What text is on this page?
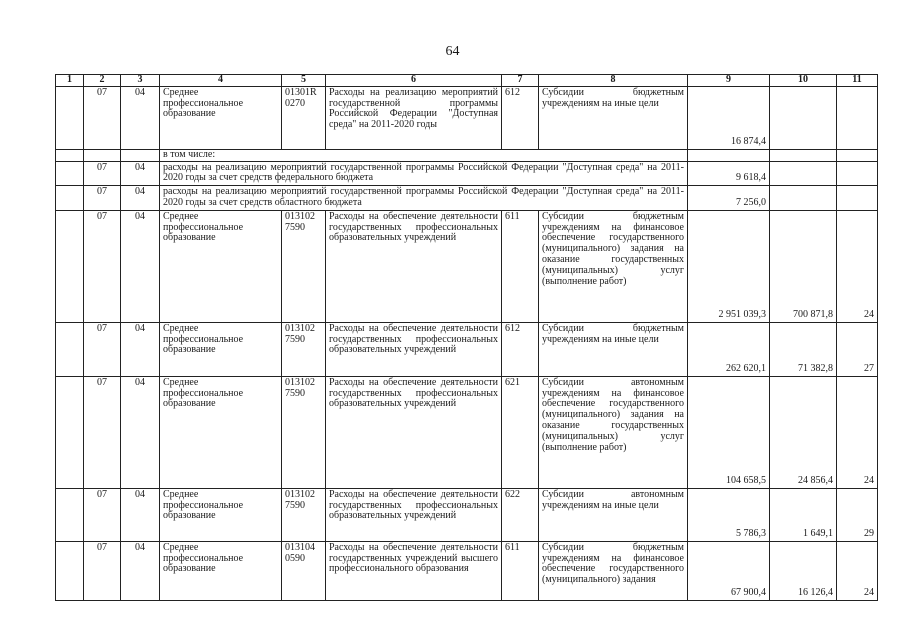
64
1	2	3	4	5	6	7	8	9	10	11
	07	04	Среднее профессиональное образование	01301R 0270	Расходы на реализацию мероприятий государственной программы Российской Федерации "Доступная среда" на 2011-2020 годы	612	Субсидии бюджетным учреждениям на иные цели	16 874,4		
			в том числе:							
	07	04	расходы на реализацию мероприятий государственной программы Российской Федерации "Доступная среда" на 2011-2020 годы за счет средств федерального бюджета					9 618,4		
	07	04	расходы на реализацию мероприятий государственной программы Российской Федерации "Доступная среда" на 2011-2020 годы за счет средств областного бюджета					7 256,0		
	07	04	Среднее профессиональное образование	013102 7590	Расходы на обеспечение деятельности государственных профессиональных образовательных учреждений	611	Субсидии бюджетным учреждениям на финансовое обеспечение государственного (муниципального) задания на оказание государственных (муниципальных) услуг (выполнение работ)	2 951 039,3	700 871,8	24
	07	04	Среднее профессиональное образование	013102 7590	Расходы на обеспечение деятельности государственных профессиональных образовательных учреждений	612	Субсидии бюджетным учреждениям на иные цели	262 620,1	71 382,8	27
	07	04	Среднее профессиональное образование	013102 7590	Расходы на обеспечение деятельности государственных профессиональных образовательных учреждений	621	Субсидии автономным учреждениям на финансовое обеспечение государственного (муниципального) задания на оказание государственных (муниципальных) услуг (выполнение работ)	104 658,5	24 856,4	24
	07	04	Среднее профессиональное образование	013102 7590	Расходы на обеспечение деятельности государственных профессиональных образовательных учреждений	622	Субсидии автономным учреждениям на иные цели	5 786,3	1 649,1	29
	07	04	Среднее профессиональное образование	013104 0590	Расходы на обеспечение деятельности государственных учреждений высшего профессионального образования	611	Субсидии бюджетным учреждениям на финансовое обеспечение государственного (муниципального) задания	67 900,4	16 126,4	24
